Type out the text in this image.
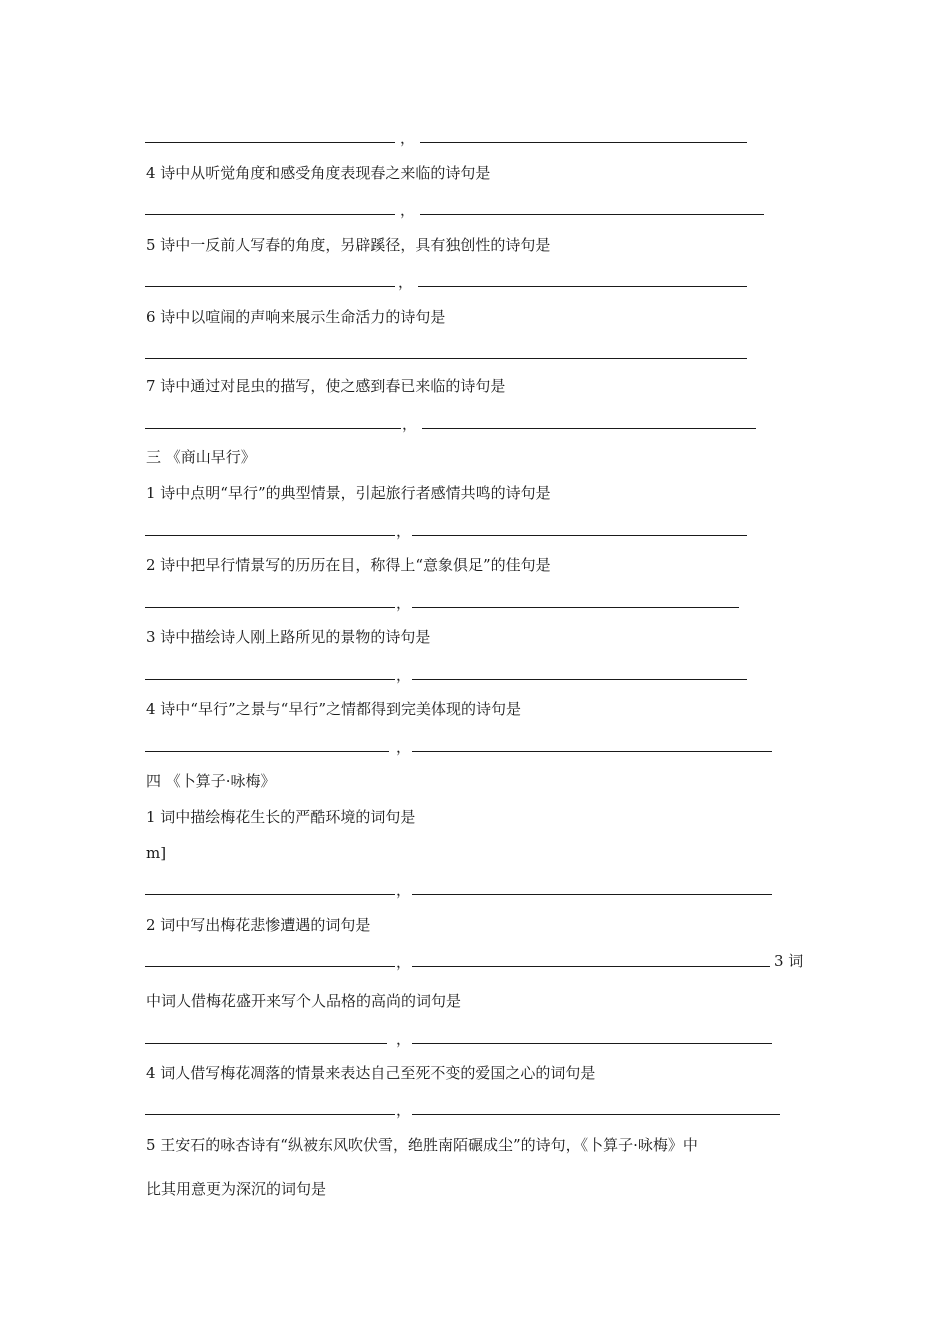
，
4 诗中从听觉角度和感受角度表现春之来临的诗句是
，
5 诗中一反前人写春的角度，另辟蹊径，具有独创性的诗句是
，
6 诗中以喧闹的声响来展示生命活力的诗句是
7 诗中通过对昆虫的描写，使之感到春已来临的诗句是
，
三 《商山早行》
1 诗中点明“早行”的典型情景，引起旅行者感情共鸣的诗句是
，
2 诗中把早行情景写的历历在目，称得上“意象俱足”的佳句是
，
3 诗中描绘诗人刚上路所见的景物的诗句是
，
4 诗中“早行”之景与“早行”之情都得到完美体现的诗句是
，
四 《卜算子·咏梅》
1 词中描绘梅花生长的严酷环境的词句是
m]
，
2 词中写出梅花悲惨遭遇的词句是
，	3 词
中词人借梅花盛开来写个人品格的高尚的词句是
，
4 词人借写梅花凋落的情景来表达自己至死不变的爱国之心的词句是
，
5 王安石的咏杏诗有“纵被东风吹伏雪，绝胜南陌碾成尘”的诗句，《卜算子·咏梅》中
比其用意更为深沉的词句是
